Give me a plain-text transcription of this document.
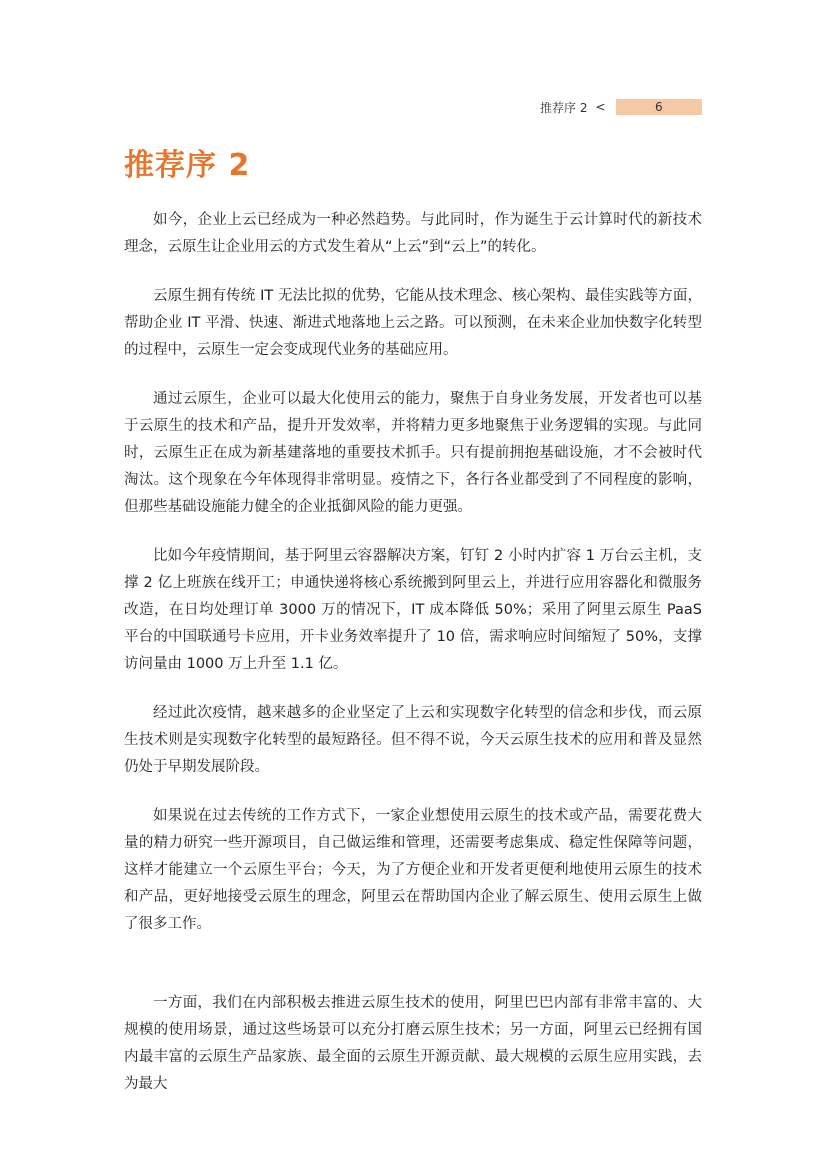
推荐序 2 <	6
推荐序 2

如今，企业上云已经成为一种必然趋势。与此同时，作为诞生于云计算时代的新技术理念，云原生让企业用云的方式发生着从“上云”到“云上”的转化。

云原生拥有传统 IT 无法比拟的优势，它能从技术理念、核心架构、最佳实践等方面，帮助企业 IT 平滑、快速、渐进式地落地上云之路。可以预测，在未来企业加快数字化转型的过程中，云原生一定会变成现代业务的基础应用。

通过云原生，企业可以最大化使用云的能力，聚焦于自身业务发展，开发者也可以基于云原生的技术和产品，提升开发效率，并将精力更多地聚焦于业务逻辑的实现。与此同时，云原生正在成为新基建落地的重要技术抓手。只有提前拥抱基础设施，才不会被时代淘汰。这个现象在今年体现得非常明显。疫情之下，各行各业都受到了不同程度的影响，但那些基础设施能力健全的企业抵御风险的能力更强。

比如今年疫情期间，基于阿里云容器解决方案，钉钉 2 小时内扩容 1 万台云主机，支撑 2 亿上班族在线开工；申通快递将核心系统搬到阿里云上，并进行应用容器化和微服务改造，在日均处理订单 3000 万的情况下，IT 成本降低 50%；采用了阿里云原生 PaaS 平台的中国联通号卡应用，开卡业务效率提升了 10 倍，需求响应时间缩短了 50%，支撑访问量由 1000 万上升至 1.1 亿。

经过此次疫情，越来越多的企业坚定了上云和实现数字化转型的信念和步伐，而云原生技术则是实现数字化转型的最短路径。但不得不说，今天云原生技术的应用和普及显然仍处于早期发展阶段。

如果说在过去传统的工作方式下，一家企业想使用云原生的技术或产品，需要花费大量的精力研究一些开源项目，自己做运维和管理，还需要考虑集成、稳定性保障等问题，这样才能建立一个云原生平台；今天，为了方便企业和开发者更便利地使用云原生的技术和产品，更好地接受云原生的理念，阿里云在帮助国内企业了解云原生、使用云原生上做了很多工作。

一方面，我们在内部积极去推进云原生技术的使用，阿里巴巴内部有非常丰富的、大规模的使用场景，通过这些场景可以充分打磨云原生技术；另一方面，阿里云已经拥有国内最丰富的云原生产品家族、最全面的云原生开源贡献、最大规模的云原生应用实践，去为最大
